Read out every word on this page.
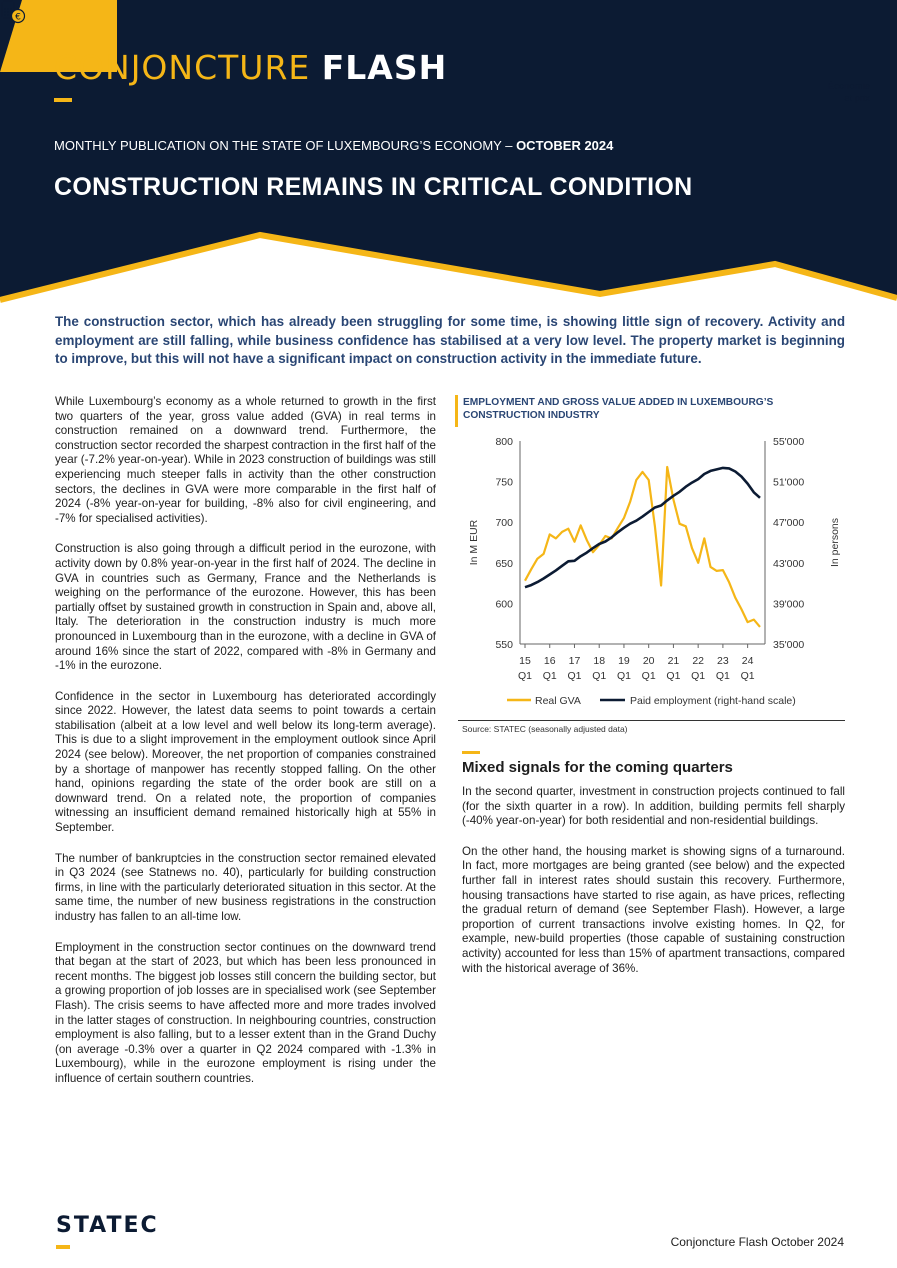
€
Économie
et prix
CONJONCTURE FLASH
MONTHLY PUBLICATION ON THE STATE OF LUXEMBOURG’S ECONOMY – OCTOBER 2024
CONSTRUCTION REMAINS IN CRITICAL CONDITION

The construction sector, which has already been struggling for some time, is showing little sign of recovery. Activity and employment are still falling, while business confidence has stabilised at a very low level. The property market is beginning to improve, but this will not have a significant impact on construction activity in the immediate future.

While Luxembourg’s economy as a whole returned to growth in the first two quarters of the year, gross value added (GVA) in real terms in construction remained on a downward trend. Furthermore, the construction sector recorded the sharpest contraction in the first half of the year (-7.2% year-on-year). While in 2023 construction of buildings was still experiencing much steeper falls in activity than the other construction sectors, the declines in GVA were more comparable in the first half of 2024 (-8% year-on-year for building, -8% also for civil engineering, and -7% for specialised activities).

Construction is also going through a difficult period in the eurozone, with activity down by 0.8% year-on-year in the first half of 2024. The decline in GVA in countries such as Germany, France and the Netherlands is weighing on the performance of the eurozone. However, this has been partially offset by sustained growth in construction in Spain and, above all, Italy. The deterioration in the construction industry is much more pronounced in Luxembourg than in the eurozone, with a decline in GVA of around 16% since the start of 2022, compared with -8% in Germany and -1% in the eurozone.

Confidence in the sector in Luxembourg has deteriorated accordingly since 2022. However, the latest data seems to point towards a certain stabilisation (albeit at a low level and well below its long-term average). This is due to a slight improvement in the employment outlook since April 2024 (see below). Moreover, the net proportion of companies constrained by a shortage of manpower has recently stopped falling. On the other hand, opinions regarding the state of the order book are still on a downward trend. On a related note, the proportion of companies witnessing an insufficient demand remained historically high at 55% in September.

The number of bankruptcies in the construction sector remained elevated in Q3 2024 (see Statnews no. 40), particularly for building construction firms, in line with the particularly deteriorated situation in this sector. At the same time, the number of new business registrations in the construction industry has fallen to an all-time low.

Employment in the construction sector continues on the downward trend that began at the start of 2023, but which has been less pronounced in recent months. The biggest job losses still concern the building sector, but a growing proportion of job losses are in specialised work (see September Flash). The crisis seems to have affected more and more trades involved in the latter stages of construction. In neighbouring countries, construction employment is also falling, but to a lesser extent than in the Grand Duchy (on average -0.3% over a quarter in Q2 2024 compared with -1.3% in Luxembourg), while in the eurozone employment is rising under the influence of certain southern countries.

EMPLOYMENT AND GROSS VALUE ADDED IN LUXEMBOURG’S CONSTRUCTION INDUSTRY
800
750
700
650
600
550
55'000
51'000
47'000
43'000
39'000
35'000
15
Q1
16
Q1
17
Q1
18
Q1
19
Q1
20
Q1
21
Q1
22
Q1
23
Q1
24
Q1
In M EUR	In persons
Real GVA	Paid employment (right-hand scale)
Source: STATEC (seasonally adjusted data)
Mixed signals for the coming quarters

In the second quarter, investment in construction projects continued to fall (for the sixth quarter in a row). In addition, building permits fell sharply (-40% year-on-year) for both residential and non-residential buildings.

On the other hand, the housing market is showing signs of a turnaround. In fact, more mortgages are being granted (see below) and the expected further fall in interest rates should sustain this recovery. Furthermore, housing transactions have started to rise again, as have prices, reflecting the gradual return of demand (see September Flash). However, a large proportion of current transactions involve existing homes. In Q2, for example, new-build properties (those capable of sustaining construction activity) accounted for less than 15% of apartment transactions, compared with the historical average of 36%.

STATEC
Conjoncture Flash October 2024
